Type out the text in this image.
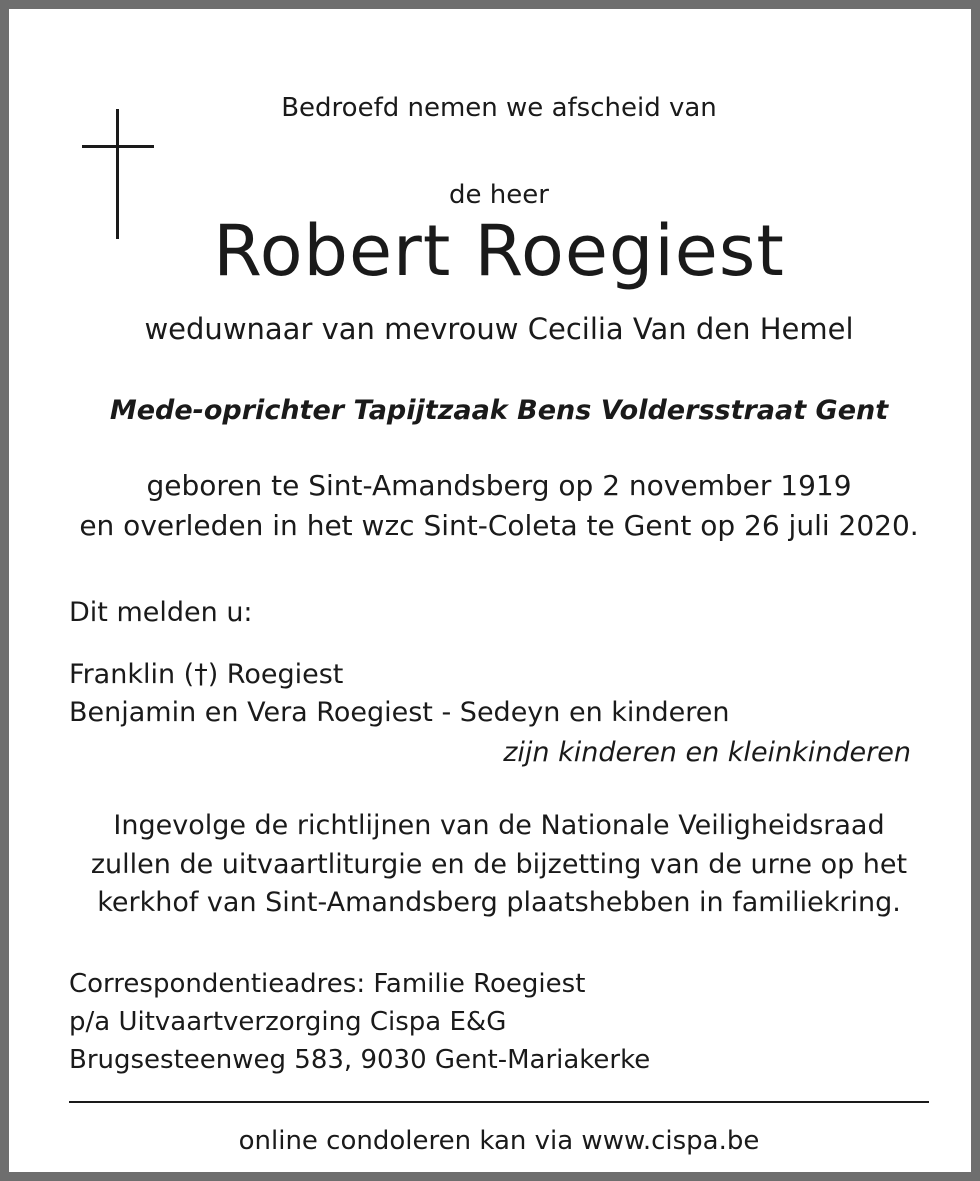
Bedroefd nemen we afscheid van
de heer
Robert Roegiest
weduwnaar van mevrouw Cecilia Van den Hemel
Mede-oprichter Tapijtzaak Bens Voldersstraat Gent
geboren te Sint-Amandsberg op 2 november 1919
en overleden in het wzc Sint-Coleta te Gent op 26 juli 2020.
Dit melden u:
Franklin (†) Roegiest
Benjamin en Vera Roegiest - Sedeyn en kinderen
zijn kinderen en kleinkinderen
Ingevolge de richtlijnen van de Nationale Veiligheidsraad
zullen de uitvaartliturgie en de bijzetting van de urne op het
kerkhof van Sint-Amandsberg plaatshebben in familiekring.
Correspondentieadres: Familie Roegiest
p/a Uitvaartverzorging Cispa E&G
Brugsesteenweg 583, 9030 Gent-Mariakerke
online condoleren kan via www.cispa.be
